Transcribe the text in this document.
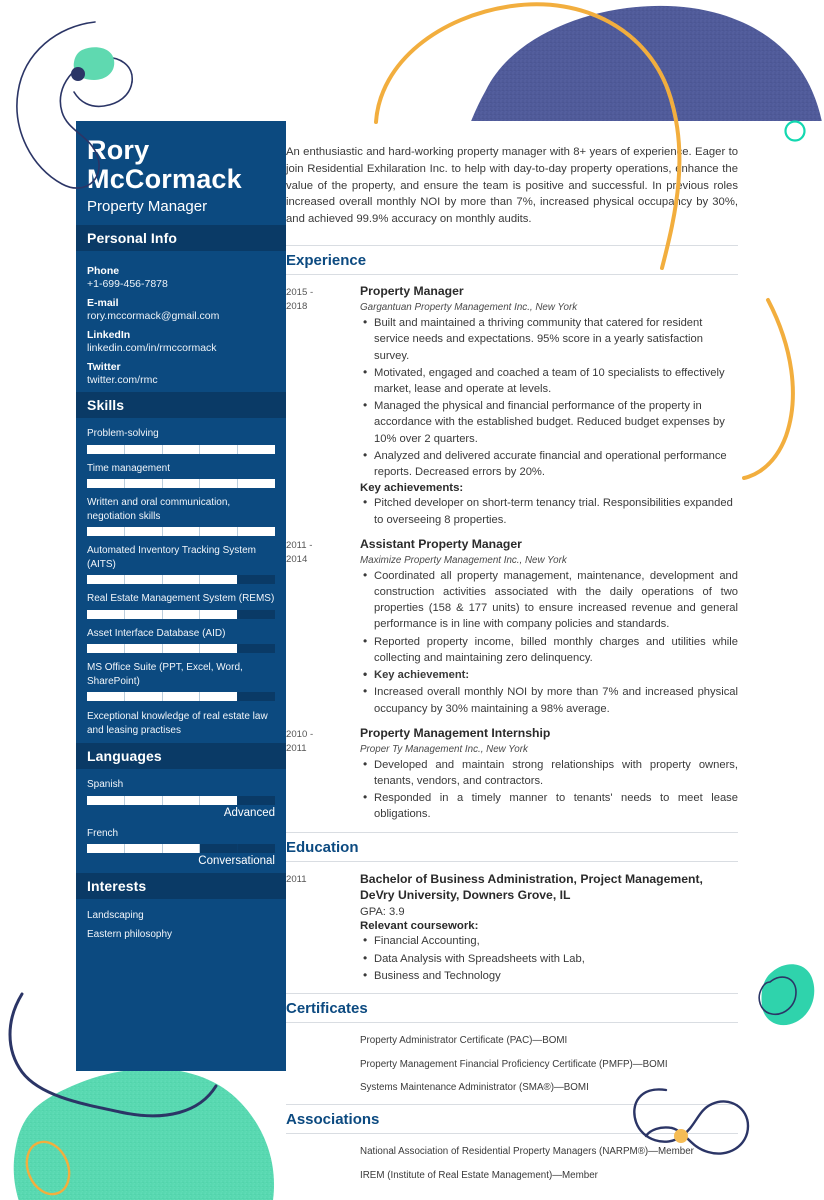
Rory
McCormack
Property Manager
Personal Info
Phone
+1-699-456-7878
E-mail
rory.mccormack@gmail.com
LinkedIn
linkedin.com/in/rmccormack
Twitter
twitter.com/rmc
Skills
Problem-solving
Time management
Written and oral communication, negotiation skills
Automated Inventory Tracking System (AITS)
Real Estate Management System (REMS)
Asset Interface Database (AID)
MS Office Suite (PPT, Excel, Word, SharePoint)
Exceptional knowledge of real estate law and leasing practises
Languages
Spanish
Advanced
French
Conversational
Interests
Landscaping
Eastern philosophy

An enthusiastic and hard-working property manager with 8+ years of experience. Eager to join Residential Exhilaration Inc. to help with day-to-day property operations, enhance the value of the property, and ensure the team is positive and successful. In previous roles increased overall monthly NOI by more than 7%, increased physical occupancy by 30%, and achieved 99.9% accuracy on monthly audits.

Experience
2015 -
2018
Property Manager
Gargantuan Property Management Inc., New York
• Built and maintained a thriving community that catered for resident service needs and expectations. 95% score in a yearly satisfaction survey.
• Motivated, engaged and coached a team of 10 specialists to effectively market, lease and operate at levels.
• Managed the physical and financial performance of the property in accordance with the established budget. Reduced budget expenses by 10% over 2 quarters.
• Analyzed and delivered accurate financial and operational performance reports. Decreased errors by 20%.
Key achievements:
• Pitched developer on short-term tenancy trial. Responsibilities expanded to overseeing 8 properties.
2011 -
2014
Assistant Property Manager
Maximize Property Management Inc., New York
• Coordinated all property management, maintenance, development and construction activities associated with the daily operations of two properties (158 & 177 units) to ensure increased revenue and general performance is in line with company policies and standards.
• Reported property income, billed monthly charges and utilities while collecting and maintaining zero delinquency.
• Key achievement:
• Increased overall monthly NOI by more than 7% and increased physical occupancy by 30% maintaining a 98% average.
2010 -
2011
Property Management Internship
Proper Ty Management Inc., New York
• Developed and maintain strong relationships with property owners, tenants, vendors, and contractors.
• Responded in a timely manner to tenants' needs to meet lease obligations.
Education
2011	Bachelor of Business Administration, Project Management, DeVry University, Downers Grove, IL
GPA: 3.9
Relevant coursework:
• Financial Accounting,
• Data Analysis with Spreadsheets with Lab,
• Business and Technology
Certificates
Property Administrator Certificate (PAC)—BOMI
Property Management Financial Proficiency Certificate (PMFP)—BOMI
Systems Maintenance Administrator (SMA®)—BOMI
Associations
National Association of Residential Property Managers (NARPM®)—Member
IREM (Institute of Real Estate Management)—Member
